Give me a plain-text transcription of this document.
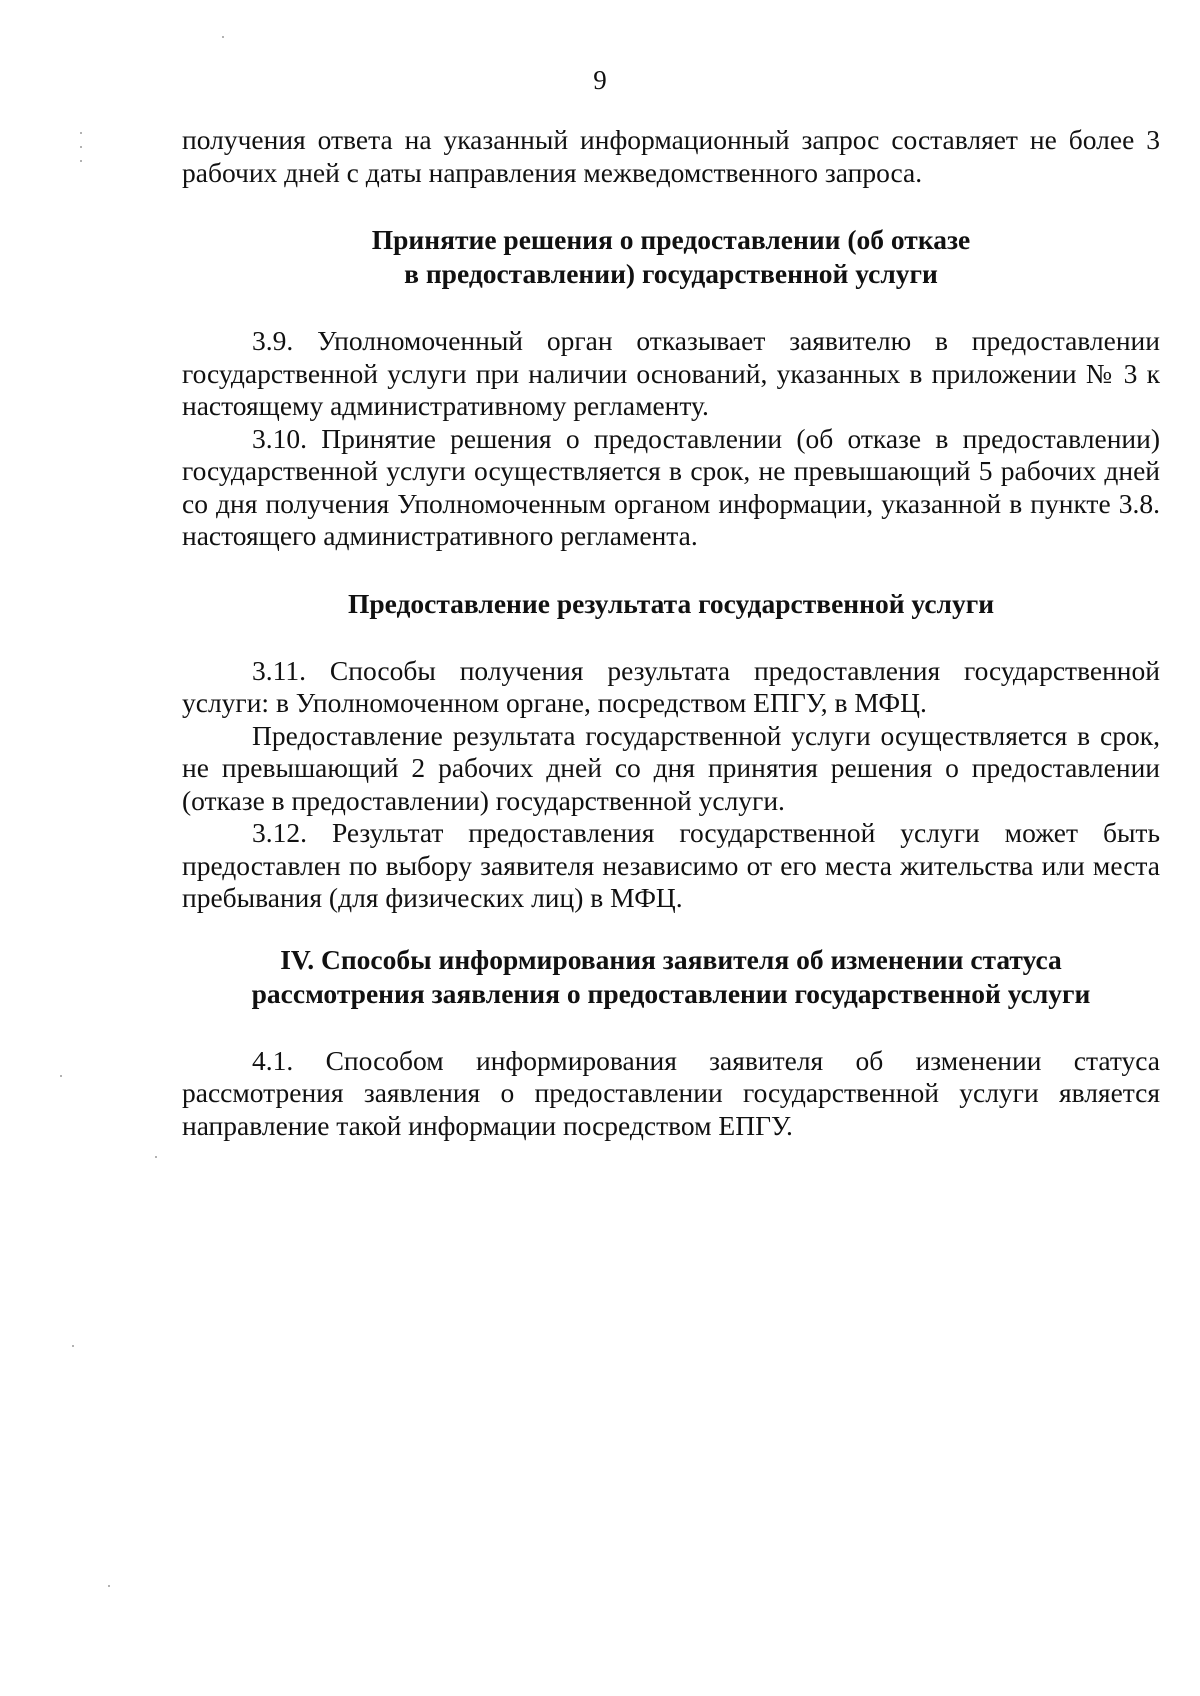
9

получения ответа на указанный информационный запрос составляет не более 3 рабочих дней с даты направления межведомственного запроса.

Принятие решения о предоставлении (об отказе
в предоставлении) государственной услуги

3.9. Уполномоченный орган отказывает заявителю в предоставлении государственной услуги при наличии оснований, указанных в приложении № 3 к настоящему административному регламенту.

3.10. Принятие решения о предоставлении (об отказе в предоставлении) государственной услуги осуществляется в срок, не превышающий 5 рабочих дней со дня получения Уполномоченным органом информации, указанной в пункте 3.8. настоящего административного регламента.

Предоставление результата государственной услуги

3.11. Способы получения результата предоставления государственной услуги: в Уполномоченном органе, посредством ЕПГУ, в МФЦ.

Предоставление результата государственной услуги осуществляется в срок, не превышающий 2 рабочих дней со дня принятия решения о предоставлении (отказе в предоставлении) государственной услуги.

3.12. Результат предоставления государственной услуги может быть предоставлен по выбору заявителя независимо от его места жительства или места пребывания (для физических лиц) в МФЦ.

IV. Способы информирования заявителя об изменении статуса
рассмотрения заявления о предоставлении государственной услуги

4.1. Способом информирования заявителя об изменении статуса рассмотрения заявления о предоставлении государственной услуги является направление такой информации посредством ЕПГУ.
